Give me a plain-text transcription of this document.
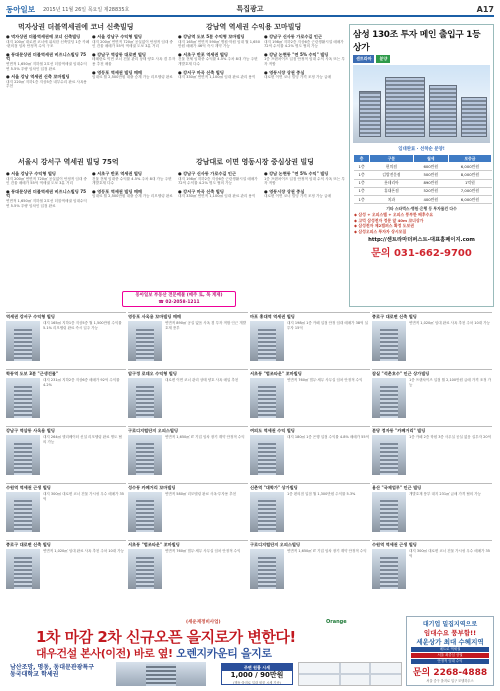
동아일보 2015년 11월 26일 목요일 제28835호	특집광고	A17
먹자상권 더블역세권에 코너 신축빌딩	강남역 역세권 수익용 꼬마빌딩
● 먹자상권 더블역세권에 코너 신축빌딩
대지 100㎡ 대로변 코너에 위치한 신축빌딩 1층 카페·편의점 임차 안정적 수익 구조
● 동대문상권 더블역세권 비즈니스빌딩 75억
연면적 1,650㎡ 지하철 2호선 더블역세권 임대수익 연 5.5% 우량 임차인 입점 완료
● 서울 강남 역세권 신축 꼬마빌딩
대지 220㎡ 지하1층 지상5층 내부수리 완료 사옥용 추천
● 서울 강남구 수익형 빌딩
대지 200㎡ 연면적 720㎡ 공실없이 안정적 임대 중인 건물 매매가 55억 역세권 도보 3분 거리
● 강남구 역삼동 대로변 빌딩
테헤란로 이면 코너 건물 관리 상태 양호 사옥 겸 투자용 추천 매물
● 영등포 역세권 빌딩 매매
임대료 월 2,500만원 대출 승계 가능 리모델링 완료
● 강남역 도보 5분 수익형 꼬마빌딩
대지 165㎡ 연면적 590㎡ 병원·학원 임대 월 1,650만원 매매가 46억 즉시 계약 가능
● 서초구 반포 역세권 빌딩
건물 전체 임대중 수익률 4.5% 주차 8대 가능 주변 개발호재 다수
● 강서구 마곡 신축 빌딩
대지 330㎡ 연면적 1,100㎡ 임대 완료 관리 용이
● 강남구 신사동 가로수길 인근
대지 198㎡ 지하2층 지상6층 근린생활시설 매매가 72억 수익률 4.2% 명도 협의 가능
● 강남 논현동 "연 5% 수익" 빌딩
1층 프랜차이즈 입점 안정적 임대 수익 사옥 또는 투자 적합
● 영동시장 상권 중심
대로변 이면 코너 빌딩 가격 조정 가능 급매
서울시 강서구 역세권 빌딩 75억	강남대로 이면 영동시장 중심상권 빌딩
● 서울 강남구 수익형 빌딩
대지 200㎡ 연면적 720㎡ 공실없이 안정적 임대 중인 건물 매매가 55억 역세권 도보 3분 거리
● 동대문상권 더블역세권 비즈니스빌딩 75억
연면적 1,650㎡ 지하철 2호선 더블역세권 임대수익 연 5.5% 우량 임차인 입점 완료
● 서초구 반포 역세권 빌딩
건물 전체 임대중 수익률 4.5% 주차 8대 가능 주변 개발호재 다수
● 영등포 역세권 빌딩 매매
임대료 월 2,500만원 대출 승계 가능 리모델링 완료
● 강남구 신사동 가로수길 인근
대지 198㎡ 지하2층 지상6층 근린생활시설 매매가 72억 수익률 4.2% 명도 협의 가능
● 강서구 마곡 신축 빌딩
대지 330㎡ 연면적 1,100㎡ 임대 완료 관리 용이
● 강남 논현동 "연 5% 수익" 빌딩
1층 프랜차이즈 입점 안정적 임대 수익 사옥 또는 투자 적합
● 영동시장 상권 중심
대로변 이면 코너 빌딩 가격 조정 가능 급매
동아일보 부동산 전문매물 (매주 토, 목 게재)
☎ 02-2058-1211
삼성 130조 투자 메인 출입구 1등 상가
센트라마	분양
임대완료 · 선착순 분양!
층	구분	월세	보증금
1층	편의점	600만원	6,000만원
1층	김밥전문점	500만원	8,000만원
1층	롯데리아	890만원	1억원
1층	휴대폰점	520만원	7,000만원
1층	치과	400만원	6,000만원
기타 스타벅스·병원·은행 등 투자물건 다수
◆ 삼성 + 오피스텔 + 오피스 풍부한 배후수요
◆ 고덕 삼성전자 정문 앞 40m 코너상가
◆ 삼성전자 제2캠퍼스 확정 도보권
◆ 삼성오피스 투자자 상시모집
http://센트라마더퍼스트-대표홈페이지.com
문의 031-662-9700
역세권 강서구 수익형 빌딩
대지 165㎡ 지하1층 지상5층 월 1,500만원 수익률 5.1% 리모델링 완료 즉시 입주 가능
영등포 사옥용 꼬마빌딩 매매
연면적 890㎡ 공실 없음 사옥 겸 투자 적합 인근 개발호재 풍부
마포 홍대역 역세권 빌딩
대지 198㎡ 1층 카페 입점 안정 임대 매매가 38억 실투자 15억
종로구 대로변 신축 빌딩
연면적 1,020㎡ 임대 완료 사옥 추천 주차 10대 가능
학동역 도보 3분 "근생건물"
대지 231㎡ 지하2층 지상6층 매매가 92억 수익률 4.2%
압구정 로데오 수익형 빌딩
대로변 이면 코너 관리 상태 양호 사옥 매입 추천
서초동 "법조타운" 꼬마빌딩
연면적 760㎡ 법무·세무 사무실 임차 안정적 수익
잠실 "석촌호수" 인근 상가빌딩
1층 프랜차이즈 입점 월 2,100만원 급매 가격 조정 가능
강남구 역삼동 사옥용 빌딩
대지 264㎡ 엘리베이터 신설 리모델링 완료 명도 협의 가능
구로디지털단지 오피스빌딩
연면적 1,650㎡ IT 기업 임차 장기 계약 안정적 수익
여의도 역세권 수익 빌딩
대지 180㎡ 1층 은행 입점 수익률 4.8% 매매가 55억
분당 정자동 "카페거리" 빌딩
1층 카페 2층 학원 3층 사무실 공실 없음 실투자 20억
수원역 역세권 근생 빌딩
대지 300㎡ 대로변 코너 건물 가시성 우수 매매가 35억
성수동 카페거리 꼬마빌딩
연면적 580㎡ 리모델링 완료 사옥·투자용 추천
신촌역 "대학가" 상가빌딩
1층 편의점 입점 월 1,300만원 수익률 5.3%
용산 "국제업무" 인근 빌딩
개발호재 풍부 대지 231㎡ 급매 가격 협의 가능
종로구 대로변 신축 빌딩
연면적 1,020㎡ 임대 완료 사옥 추천 주차 10대 가능
서초동 "법조타운" 꼬마빌딩
연면적 760㎡ 법무·세무 사무실 임차 안정적 수익
구로디지털단지 오피스빌딩
연면적 1,650㎡ IT 기업 임차 장기 계약 안정적 수익
수원역 역세권 근생 빌딩
대지 300㎡ 대로변 코너 건물 가시성 우수 매매가 35억
(세운재정비사업)	Orange
1차 마감 2차 신규오픈 을지로가 변한다!
대우건설 본사(이전) 바로 옆! 오렌지카운티 을지로
남산조망, 명동, 동대문관광특구
동국대학교 학세권
주변 원룸 시세
1,000 / 90만원
(명동·을지로 일대 원룸 시세 기준)
대기업 밀집지역으로
임대수요 풍부함!!
세운상가 최대 수혜지역
메트로 역세권
서울 최중심 상권
안정적 임대 수익
문의 2268-4888
서울 중구 을지로 입구 모델하우스
